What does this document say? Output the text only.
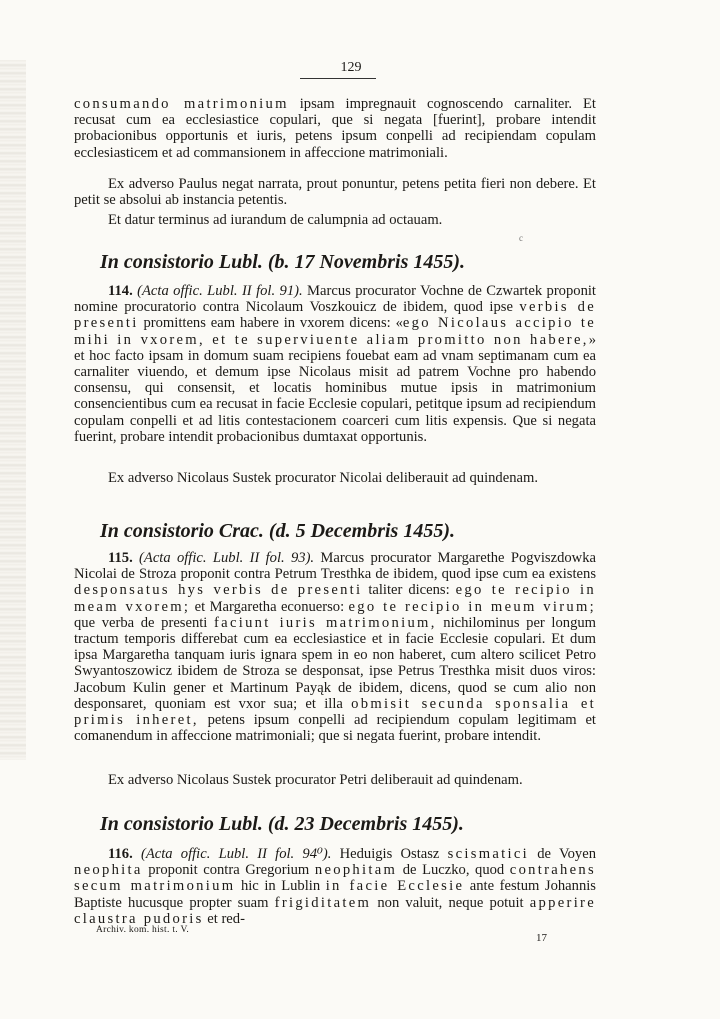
129

consumando matrimonium ipsam impregnauit cognoscendo carnaliter. Et recusat cum ea ecclesiastice copulari, que si negata [fuerint], probare intendit probacionibus opportunis et iuris, petens ipsum conpelli ad recipiendam copulam ecclesiasticem et ad commansionem in affeccione matrimoniali.

Ex adverso Paulus negat narrata, prout ponuntur, petens petita fieri non debere. Et petit se absolui ab instancia petentis.

Et datur terminus ad iurandum de calumpnia ad octauam.

c
In consistorio Lubl. (b. 17 Novembris 1455).

114. (Acta offic. Lubl. II fol. 91). Marcus procurator Vochne de Czwartek proponit nomine procuratorio contra Nicolaum Voszkouicz de ibidem, quod ipse verbis de presenti promittens eam habere in vxorem dicens: «ego Nicolaus accipio te mihi in vxorem, et te superviuente aliam promitto non habere,» et hoc facto ipsam in domum suam recipiens fouebat eam ad vnam septimanam cum ea carnaliter viuendo, et demum ipse Nicolaus misit ad patrem Vochne pro habendo consensu, qui consensit, et locatis hominibus mutue ipsis in matrimonium consencientibus cum ea recusat in facie Ecclesie copulari, petitque ipsum ad recipiendum copulam conpelli et ad litis contestacionem coarceri cum litis expensis. Que si negata fuerint, probare intendit probacionibus dumtaxat opportunis.

Ex adverso Nicolaus Sustek procurator Nicolai deliberauit ad quindenam.

In consistorio Crac. (d. 5 Decembris 1455).

115. (Acta offic. Lubl. II fol. 93). Marcus procurator Margarethe Pogviszdowka Nicolai de Stroza proponit contra Petrum Tresthka de ibidem, quod ipse cum ea existens desponsatus hys verbis de presenti taliter dicens: ego te recipio in meam vxorem; et Margaretha econuerso: ego te recipio in meum virum; que verba de presenti faciunt iuris matrimonium, nichilominus per longum tractum temporis differebat cum ea ecclesiastice et in facie Ecclesie copulari. Et dum ipsa Margaretha tanquam iuris ignara spem in eo non haberet, cum altero scilicet Petro Swyantoszowicz ibidem de Stroza se desponsat, ipse Petrus Tresthka misit duos viros: Jacobum Kulin gener et Martinum Payąk de ibidem, dicens, quod se cum alio non desponsaret, quoniam est vxor sua; et illa obmisit secunda sponsalia et primis inheret, petens ipsum conpelli ad recipiendum copulam legitimam et comanendum in affeccione matrimoniali; que si negata fuerint, probare intendit.

Ex adverso Nicolaus Sustek procurator Petri deliberauit ad quindenam.

In consistorio Lubl. (d. 23 Decembris 1455).

116. (Acta offic. Lubl. II fol. 94⁰). Heduigis Ostasz scismatici de Voyen neophita proponit contra Gregorium neophitam de Luczko, quod contrahens secum matrimonium hic in Lublin in facie Ecclesie ante festum Johannis Baptiste hucusque propter suam frigiditatem non valuit, neque potuit apperire claustra pudoris et red-

Archiv. kom. hist. t. V.
17
